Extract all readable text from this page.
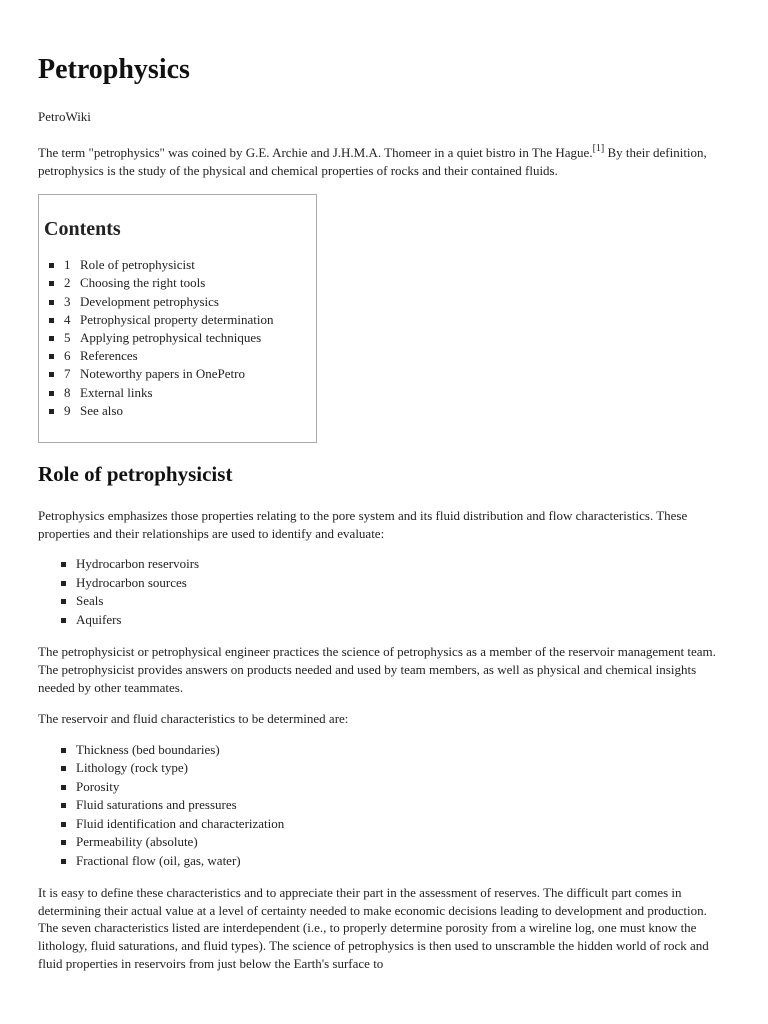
Petrophysics
PetroWiki

The term "petrophysics" was coined by G.E. Archie and J.H.M.A. Thomeer in a quiet bistro in The Hague.[1] By their definition, petrophysics is the study of the physical and chemical properties of rocks and their contained fluids.

Contents
1 Role of petrophysicist
2 Choosing the right tools
3 Development petrophysics
4 Petrophysical property determination
5 Applying petrophysical techniques
6 References
7 Noteworthy papers in OnePetro
8 External links
9 See also
Role of petrophysicist

Petrophysics emphasizes those properties relating to the pore system and its fluid distribution and flow characteristics. These properties and their relationships are used to identify and evaluate:

Hydrocarbon reservoirs
Hydrocarbon sources
Seals
Aquifers

The petrophysicist or petrophysical engineer practices the science of petrophysics as a member of the reservoir management team. The petrophysicist provides answers on products needed and used by team members, as well as physical and chemical insights needed by other teammates.

The reservoir and fluid characteristics to be determined are:

Thickness (bed boundaries)
Lithology (rock type)
Porosity
Fluid saturations and pressures
Fluid identification and characterization
Permeability (absolute)
Fractional flow (oil, gas, water)

It is easy to define these characteristics and to appreciate their part in the assessment of reserves. The difficult part comes in determining their actual value at a level of certainty needed to make economic decisions leading to development and production. The seven characteristics listed are interdependent (i.e., to properly determine porosity from a wireline log, one must know the lithology, fluid saturations, and fluid types). The science of petrophysics is then used to unscramble the hidden world of rock and fluid properties in reservoirs from just below the Earth's surface to
